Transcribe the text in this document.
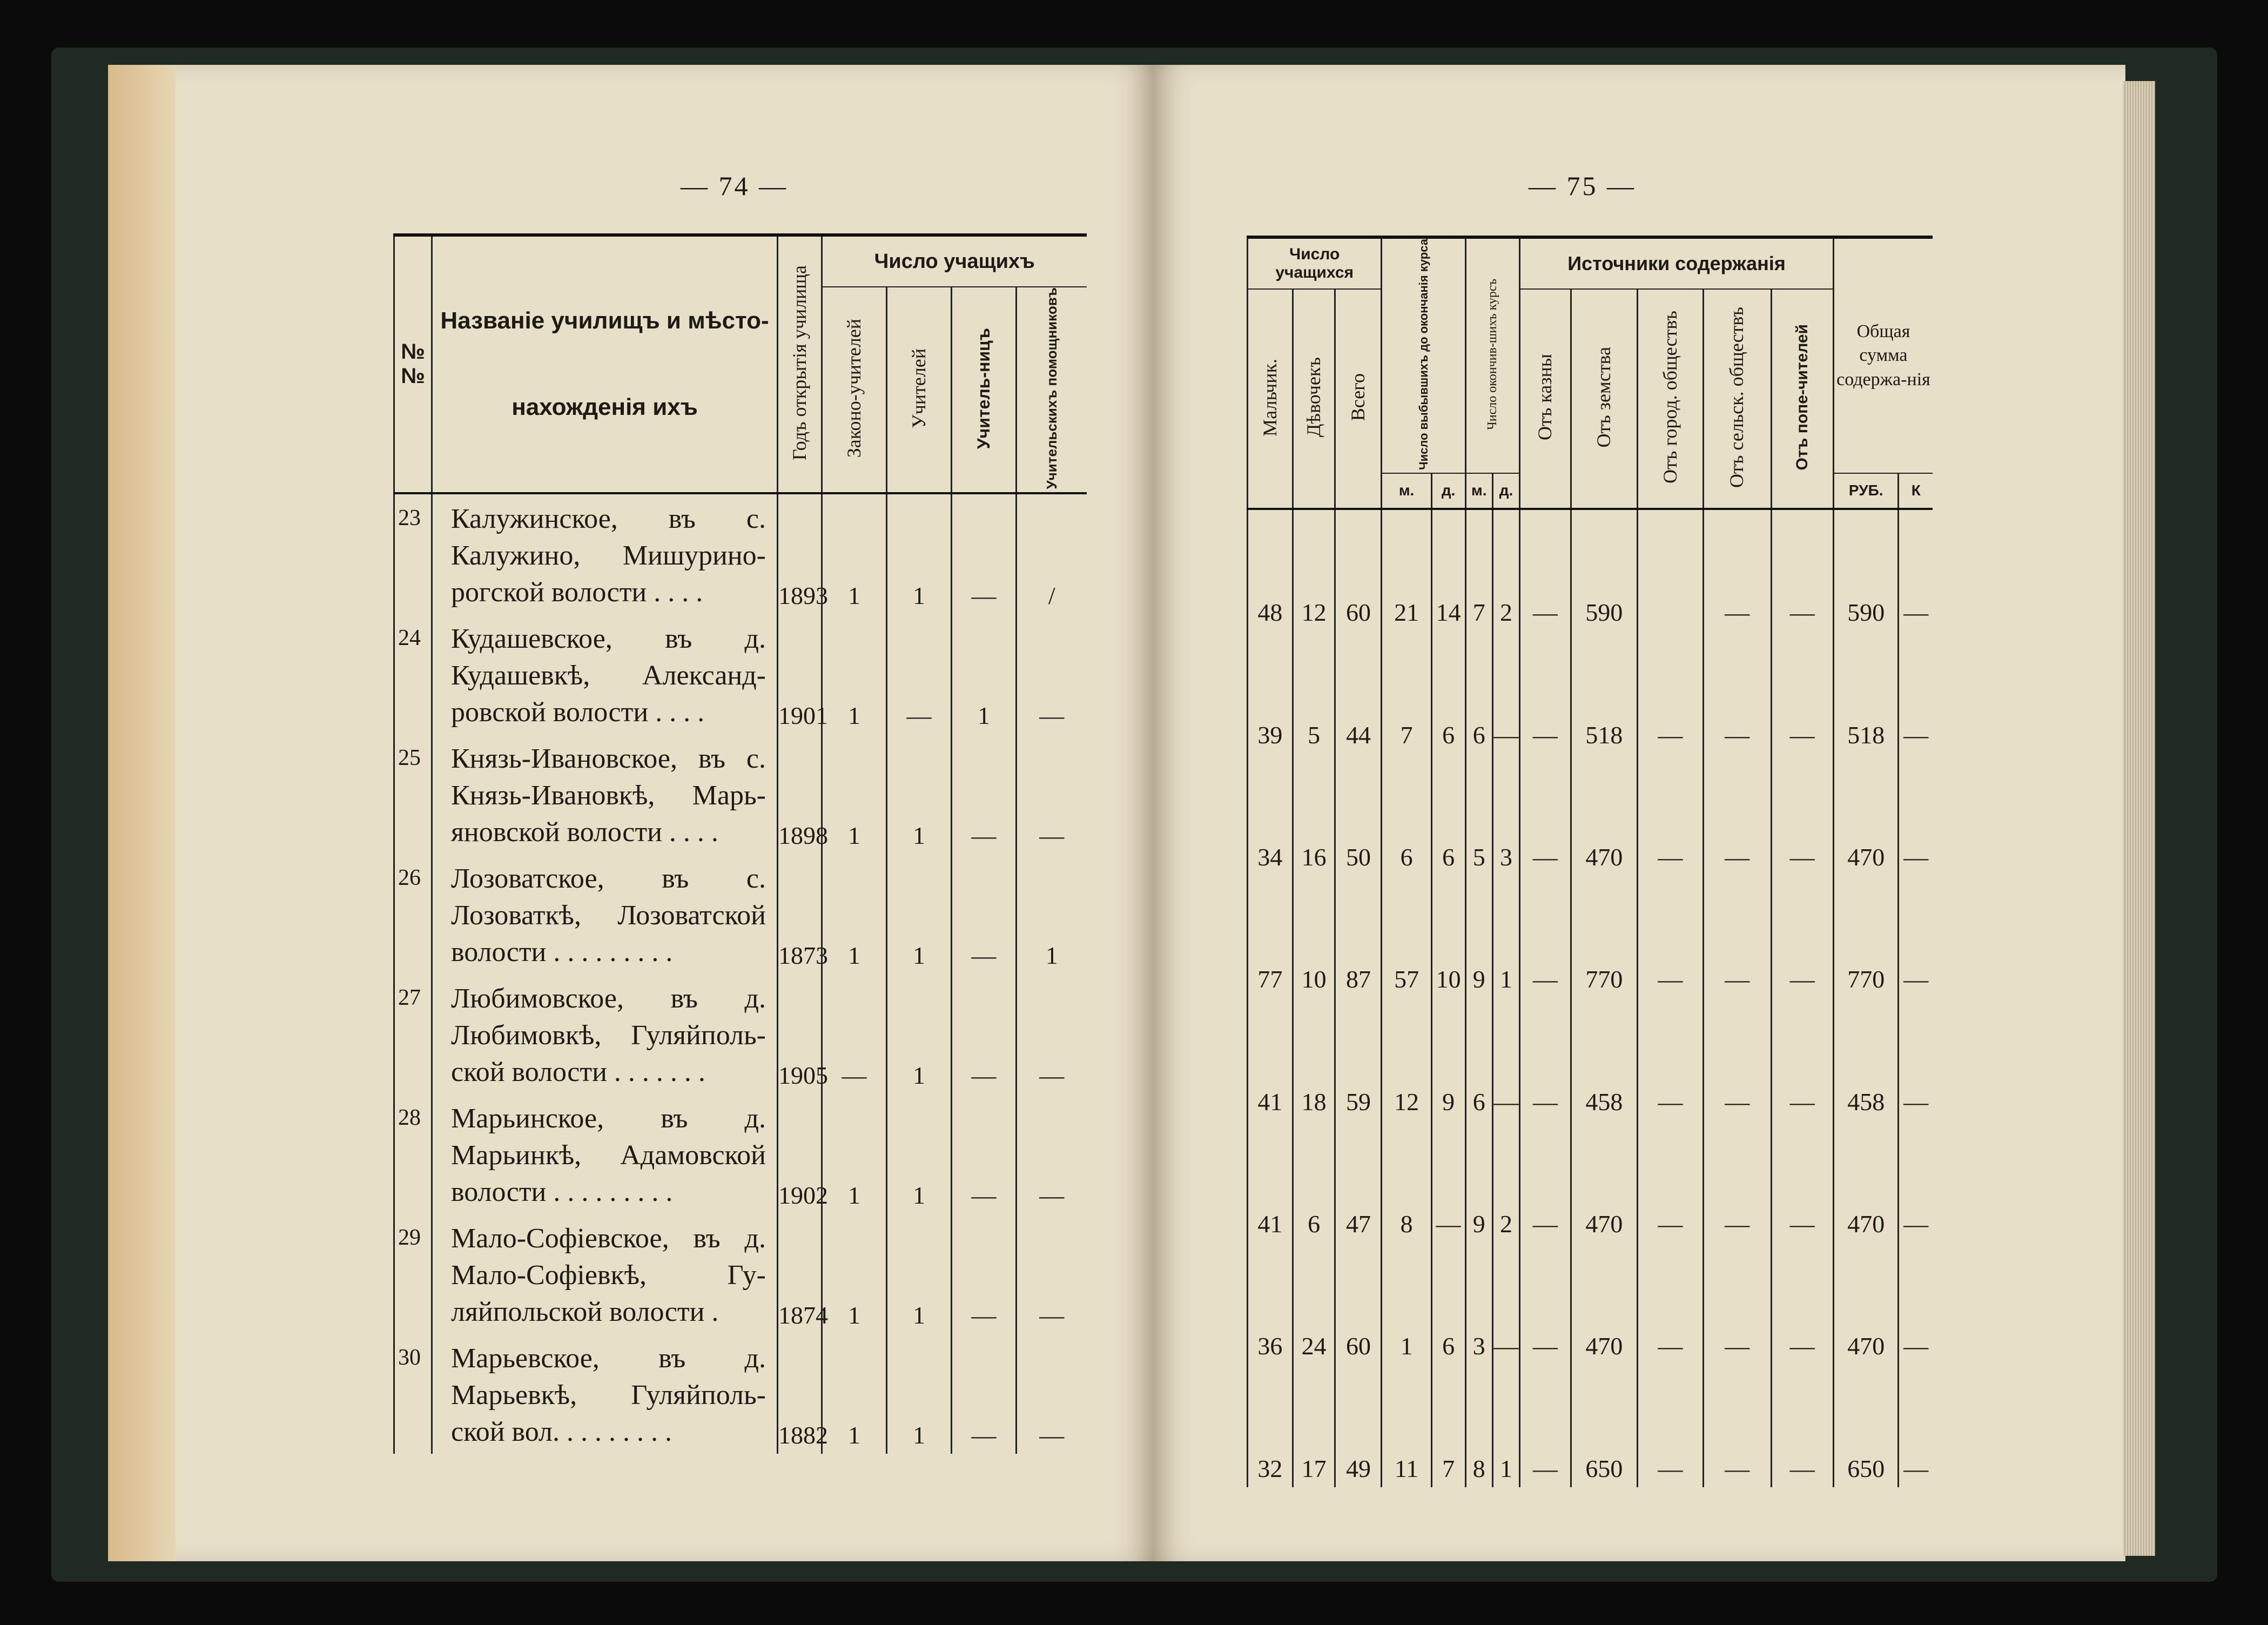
— 74 —	— 75 —
№ №	Названіе училищъ и мѣсто-
нахожденія ихъ	Годъ открытія училища	Число учащихъ			
			Законо-учителей	Учителей	Учитель-ницъ	Учительскихъ помощниковъ
23	Калужинское, въ с. Калужино, Мишурино-рогской волости . . . .	1893	1	1	—	/
24	Кудашевское, въ д. Кудашевкѣ, Александ-ровской волости . . . .	1901	1	—	1	—
25	Князь-Ивановское, въ с. Князь-Ивановкѣ, Марь-яновской волости . . . .	1898	1	1	—	—
26	Лозоватское, въ с. Лозоваткѣ, Лозоватской волости . . . . . . . . .	1873	1	1	—	1
27	Любимовское, въ д. Любимовкѣ, Гуляйполь-ской волости . . . . . . .	1905	—	1	—	—
28	Марьинское, въ д. Марьинкѣ, Адамовской волости . . . . . . . . .	1902	1	1	—	—
29	Мало-Софіевское, въ д. Мало-Софіевкѣ, Гу-ляйпольской волости .	1874	1	1	—	—
30	Марьевское, въ д. Марьевкѣ, Гуляйполь-ской вол. . . . . . . . .	1882	1	1	—	—
Число учащихся			Число выбывшихъ до окончанія курса		Число окончив-шихъ курсъ		Источники содержанія					Общая сумма содержа-нія	
Мальчик.	Дѣвочекъ	Всего					Отъ казны	Отъ земства	Отъ город. обществъ	Отъ сельск. обществъ	Отъ попе-чителей		
			м.	д.	м.	д.						РУБ.	К
48	12	60	21	14	7	2	—	590		—	—	590	—
39	5	44	7	6	6	—	—	518	—	—	—	518	—
34	16	50	6	6	5	3	—	470	—	—	—	470	—
77	10	87	57	10	9	1	—	770	—	—	—	770	—
41	18	59	12	9	6	—	—	458	—	—	—	458	—
41	6	47	8	—	9	2	—	470	—	—	—	470	—
36	24	60	1	6	3	—	—	470	—	—	—	470	—
32	17	49	11	7	8	1	—	650	—	—	—	650	—
